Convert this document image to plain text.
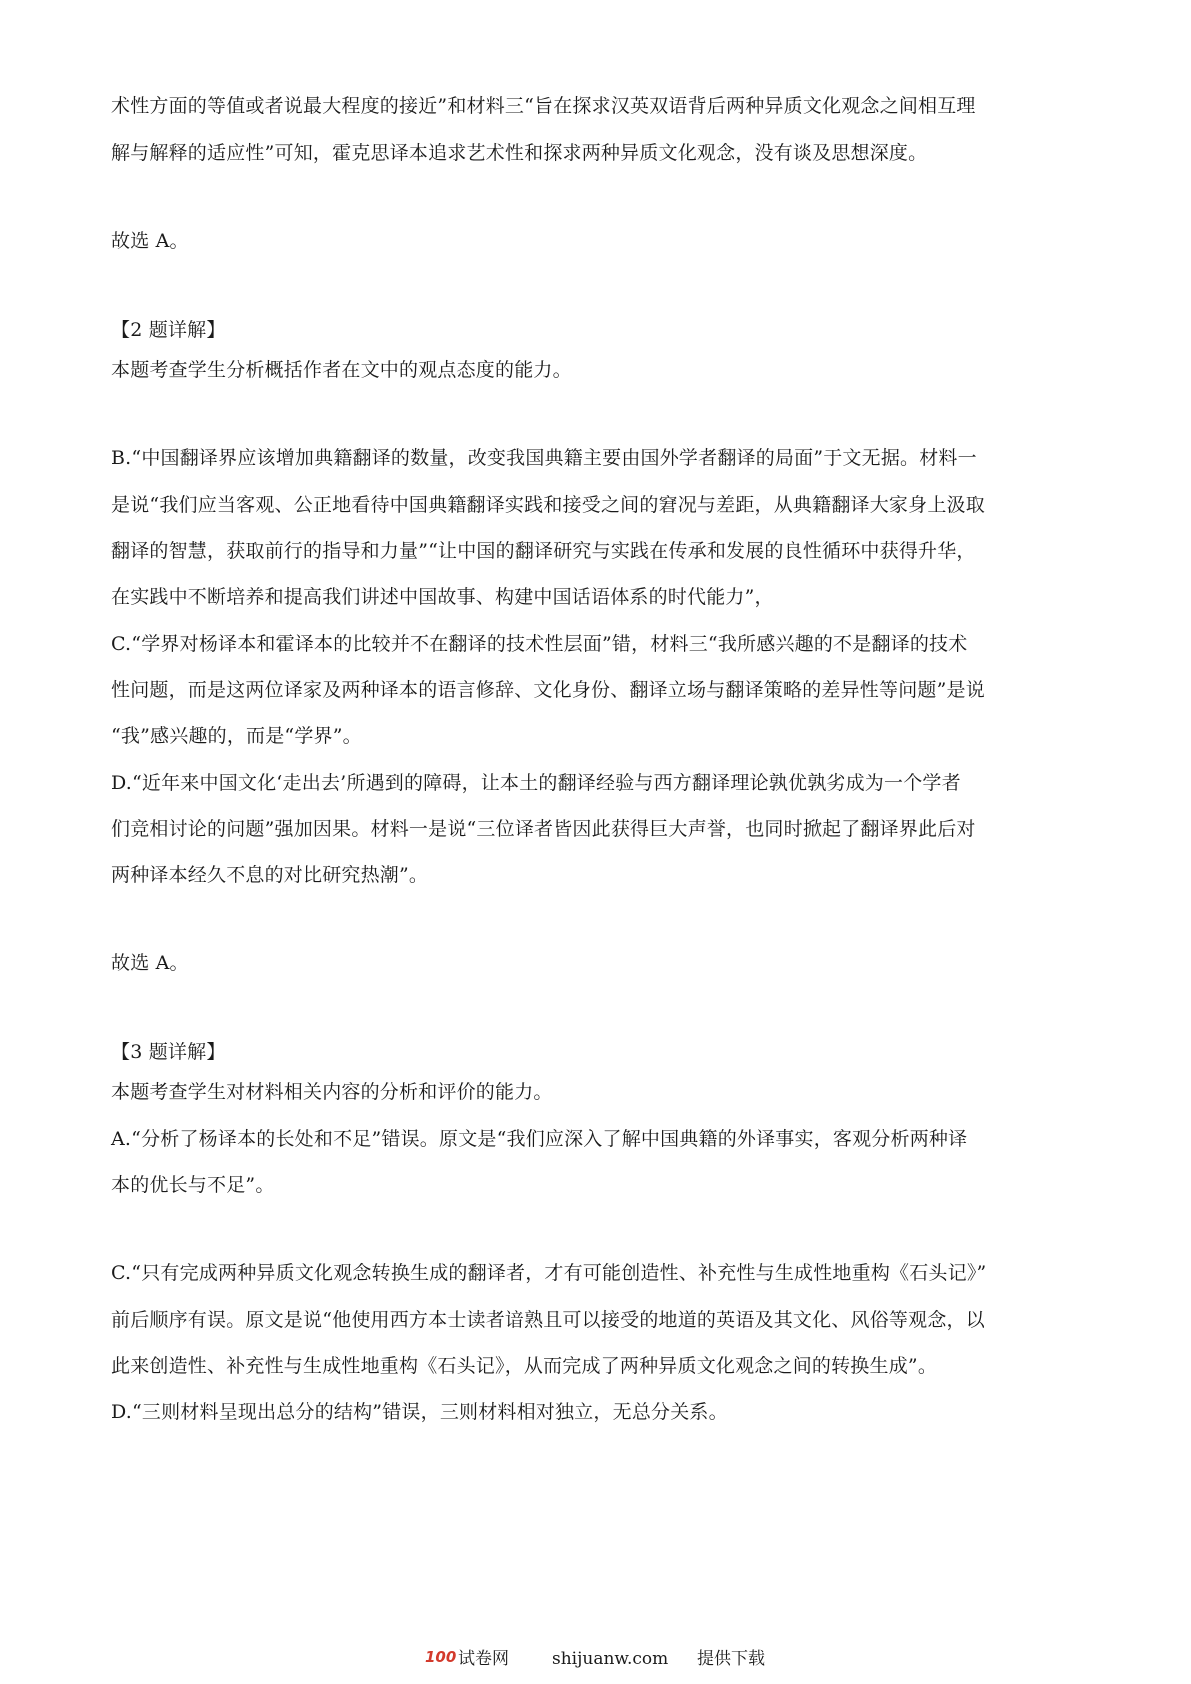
术性方面的等值或者说最大程度的接近”和材料三“旨在探求汉英双语背后两种异质文化观念之间相互理
解与解释的适应性”可知，霍克思译本追求艺术性和探求两种异质文化观念，没有谈及思想深度。
故选 A。
【2 题详解】
本题考查学生分析概括作者在文中的观点态度的能力。
B.“中国翻译界应该增加典籍翻译的数量，改变我国典籍主要由国外学者翻译的局面”于文无据。材料一
是说“我们应当客观、公正地看待中国典籍翻译实践和接受之间的窘况与差距，从典籍翻译大家身上汲取
翻译的智慧，获取前行的指导和力量”“让中国的翻译研究与实践在传承和发展的良性循环中获得升华，
在实践中不断培养和提高我们讲述中国故事、构建中国话语体系的时代能力”，
C.“学界对杨译本和霍译本的比较并不在翻译的技术性层面”错，材料三“我所感兴趣的不是翻译的技术
性问题，而是这两位译家及两种译本的语言修辞、文化身份、翻译立场与翻译策略的差异性等问题”是说
“我”感兴趣的，而是“学界”。
D.“近年来中国文化‘走出去’所遇到的障碍，让本土的翻译经验与西方翻译理论孰优孰劣成为一个学者
们竞相讨论的问题”强加因果。材料一是说“三位译者皆因此获得巨大声誉，也同时掀起了翻译界此后对
两种译本经久不息的对比研究热潮”。
故选 A。
【3 题详解】
本题考查学生对材料相关内容的分析和评价的能力。
A.“分析了杨译本的长处和不足”错误。原文是“我们应深入了解中国典籍的外译事实，客观分析两种译
本的优长与不足”。
C.“只有完成两种异质文化观念转换生成的翻译者，才有可能创造性、补充性与生成性地重构《石头记》”
前后顺序有误。原文是说“他使用西方本士读者谙熟且可以接受的地道的英语及其文化、风俗等观念，以
此来创造性、补充性与生成性地重构《石头记》，从而完成了两种异质文化观念之间的转换生成”。
D.“三则材料呈现出总分的结构”错误，三则材料相对独立，无总分关系。
100 试卷网	shijuanw.com 提供下载
